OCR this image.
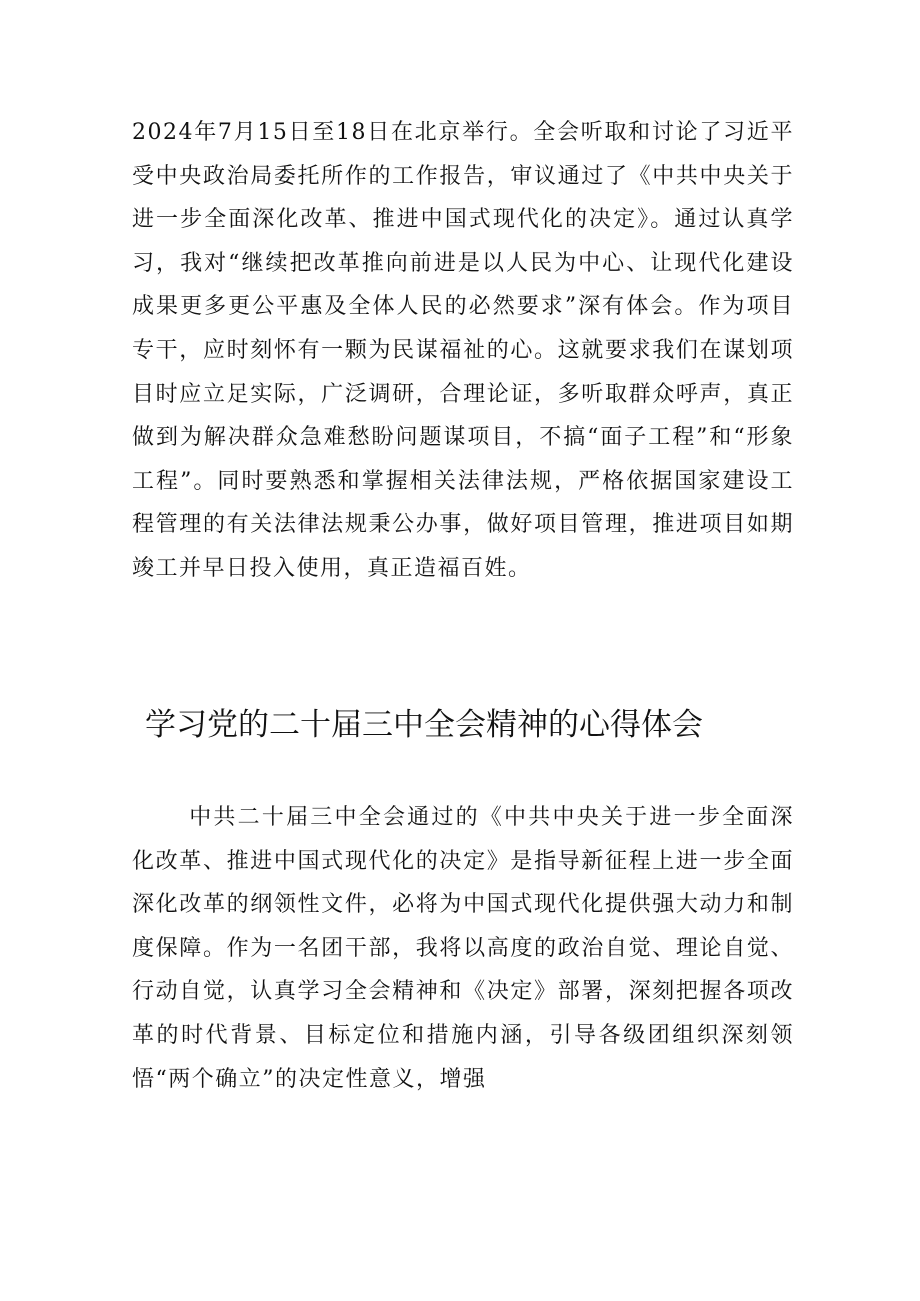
2024年7月15日至18日在北京举行。全会听取和讨论了习近平受中央政治局委托所作的工作报告，审议通过了《中共中央关于进一步全面深化改革、推进中国式现代化的决定》。通过认真学习，我对“继续把改革推向前进是以人民为中心、让现代化建设成果更多更公平惠及全体人民的必然要求”深有体会。作为项目专干，应时刻怀有一颗为民谋福祉的心。这就要求我们在谋划项目时应立足实际，广泛调研，合理论证，多听取群众呼声，真正做到为解决群众急难愁盼问题谋项目，不搞“面子工程”和“形象工程”。同时要熟悉和掌握相关法律法规，严格依据国家建设工程管理的有关法律法规秉公办事，做好项目管理，推进项目如期竣工并早日投入使用，真正造福百姓。

学习党的二十届三中全会精神的心得体会

中共二十届三中全会通过的《中共中央关于进一步全面深化改革、推进中国式现代化的决定》是指导新征程上进一步全面深化改革的纲领性文件，必将为中国式现代化提供强大动力和制度保障。作为一名团干部，我将以高度的政治自觉、理论自觉、行动自觉，认真学习全会精神和《决定》部署，深刻把握各项改革的时代背景、目标定位和措施内涵，引导各级团组织深刻领悟“两个确立”的决定性意义，增强
